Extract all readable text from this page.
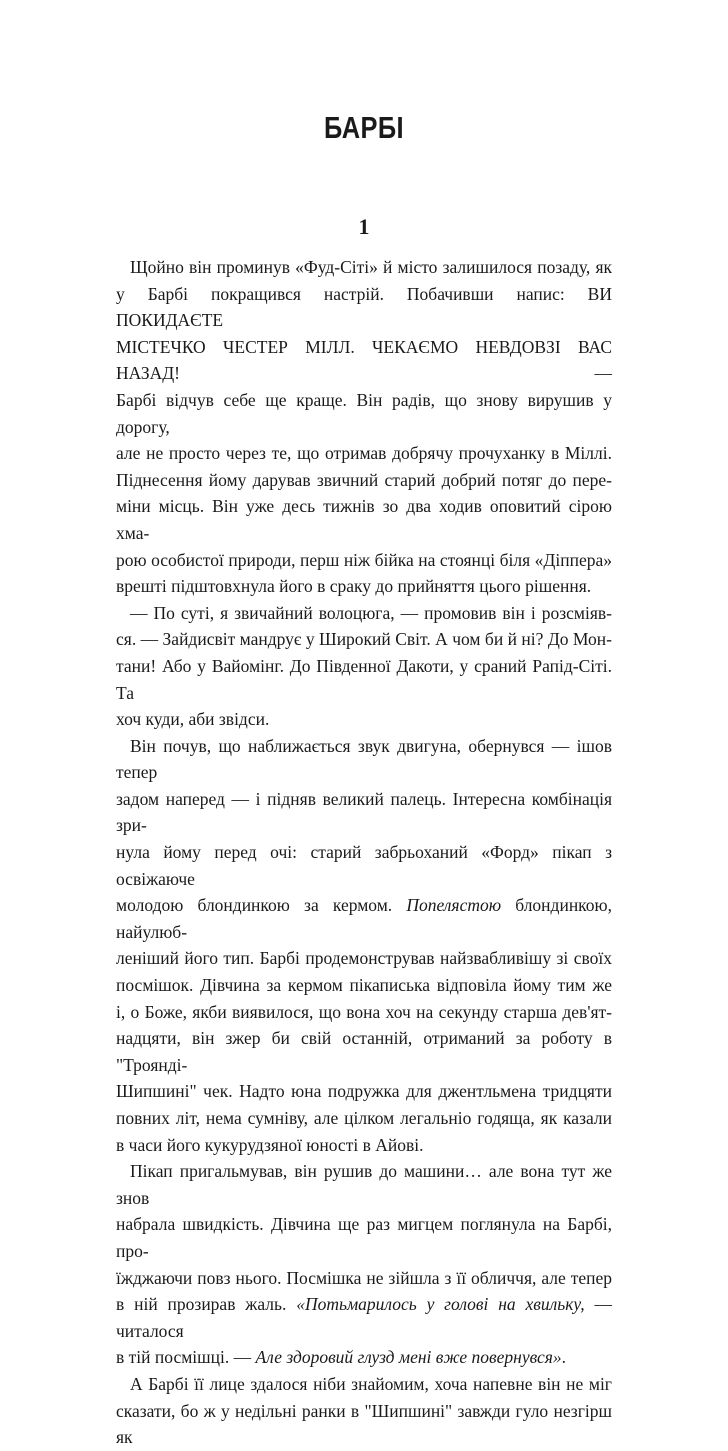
БАРБІ
1
Щойно він проминув «Фуд-Сіті» й місто залишилося позаду, як
у Барбі покращився настрій. Побачивши напис: ВИ ПОКИДАЄТЕ
МІСТЕЧКО ЧЕСТЕР МІЛЛ. ЧЕКАЄМО НЕВДОВЗІ ВАС НАЗАД! —
Барбі відчув себе ще краще. Він радів, що знову вирушив у дорогу,
але не просто через те, що отримав добрячу прочуханку в Міллі.
Піднесення йому дарував звичний старий добрий потяг до пере-
міни місць. Він уже десь тижнів зо два ходив оповитий сірою хма-
рою особистої природи, перш ніж бійка на стоянці біля «Діппера»
врешті підштовхнула його в сраку до прийняття цього рішення.
— По суті, я звичайний волоцюга, — промовив він і розсміяв-
ся. — Зайдисвіт мандрує у Широкий Світ. А чом би й ні? До Мон-
тани! Або у Вайомінг. До Південної Дакоти, у сраний Рапід-Сіті. Та
хоч куди, аби звідси.
Він почув, що наближається звук двигуна, обернувся — ішов тепер
задом наперед — і підняв великий палець. Інтересна комбінація зри-
нула йому перед очі: старий забрьоханий «Форд» пікап з освіжаюче
молодою блондинкою за кермом. Попелястою блондинкою, найулюб-
леніший його тип. Барбі продемонстрував найзвабливішу зі своїх
посмішок. Дівчина за кермом пікаписька відповіла йому тим же
і, о Боже, якби виявилося, що вона хоч на секунду старша дев'ят-
надцяти, він зжер би свій останній, отриманий за роботу в "Трояндi-
Шипшині" чек. Надто юна подружка для джентльмена тридцяти
повних літ, нема сумніву, але цілком легальніо годящa, як казали
в часи його кукурудзяної юності в Айові.
Пікап пригальмував, він рушив до машини… але вона тут же знов
набрала швидкість. Дівчина ще раз мигцем поглянула на Барбі, про-
їжджаючи повз нього. Посмішка не зійшла з її обличчя, але тепер
в ній прозирав жаль. «Потьмарилось у голові на хвильку, — читалося
в тій посмішці. — Але здоровий глузд мені вже повернувся».
А Барбі її лице здалося ніби знайомим, хоча напевне він не міг
сказати, бо ж у недільні ранки в "Шипшині" завжди гуло незгірш як
